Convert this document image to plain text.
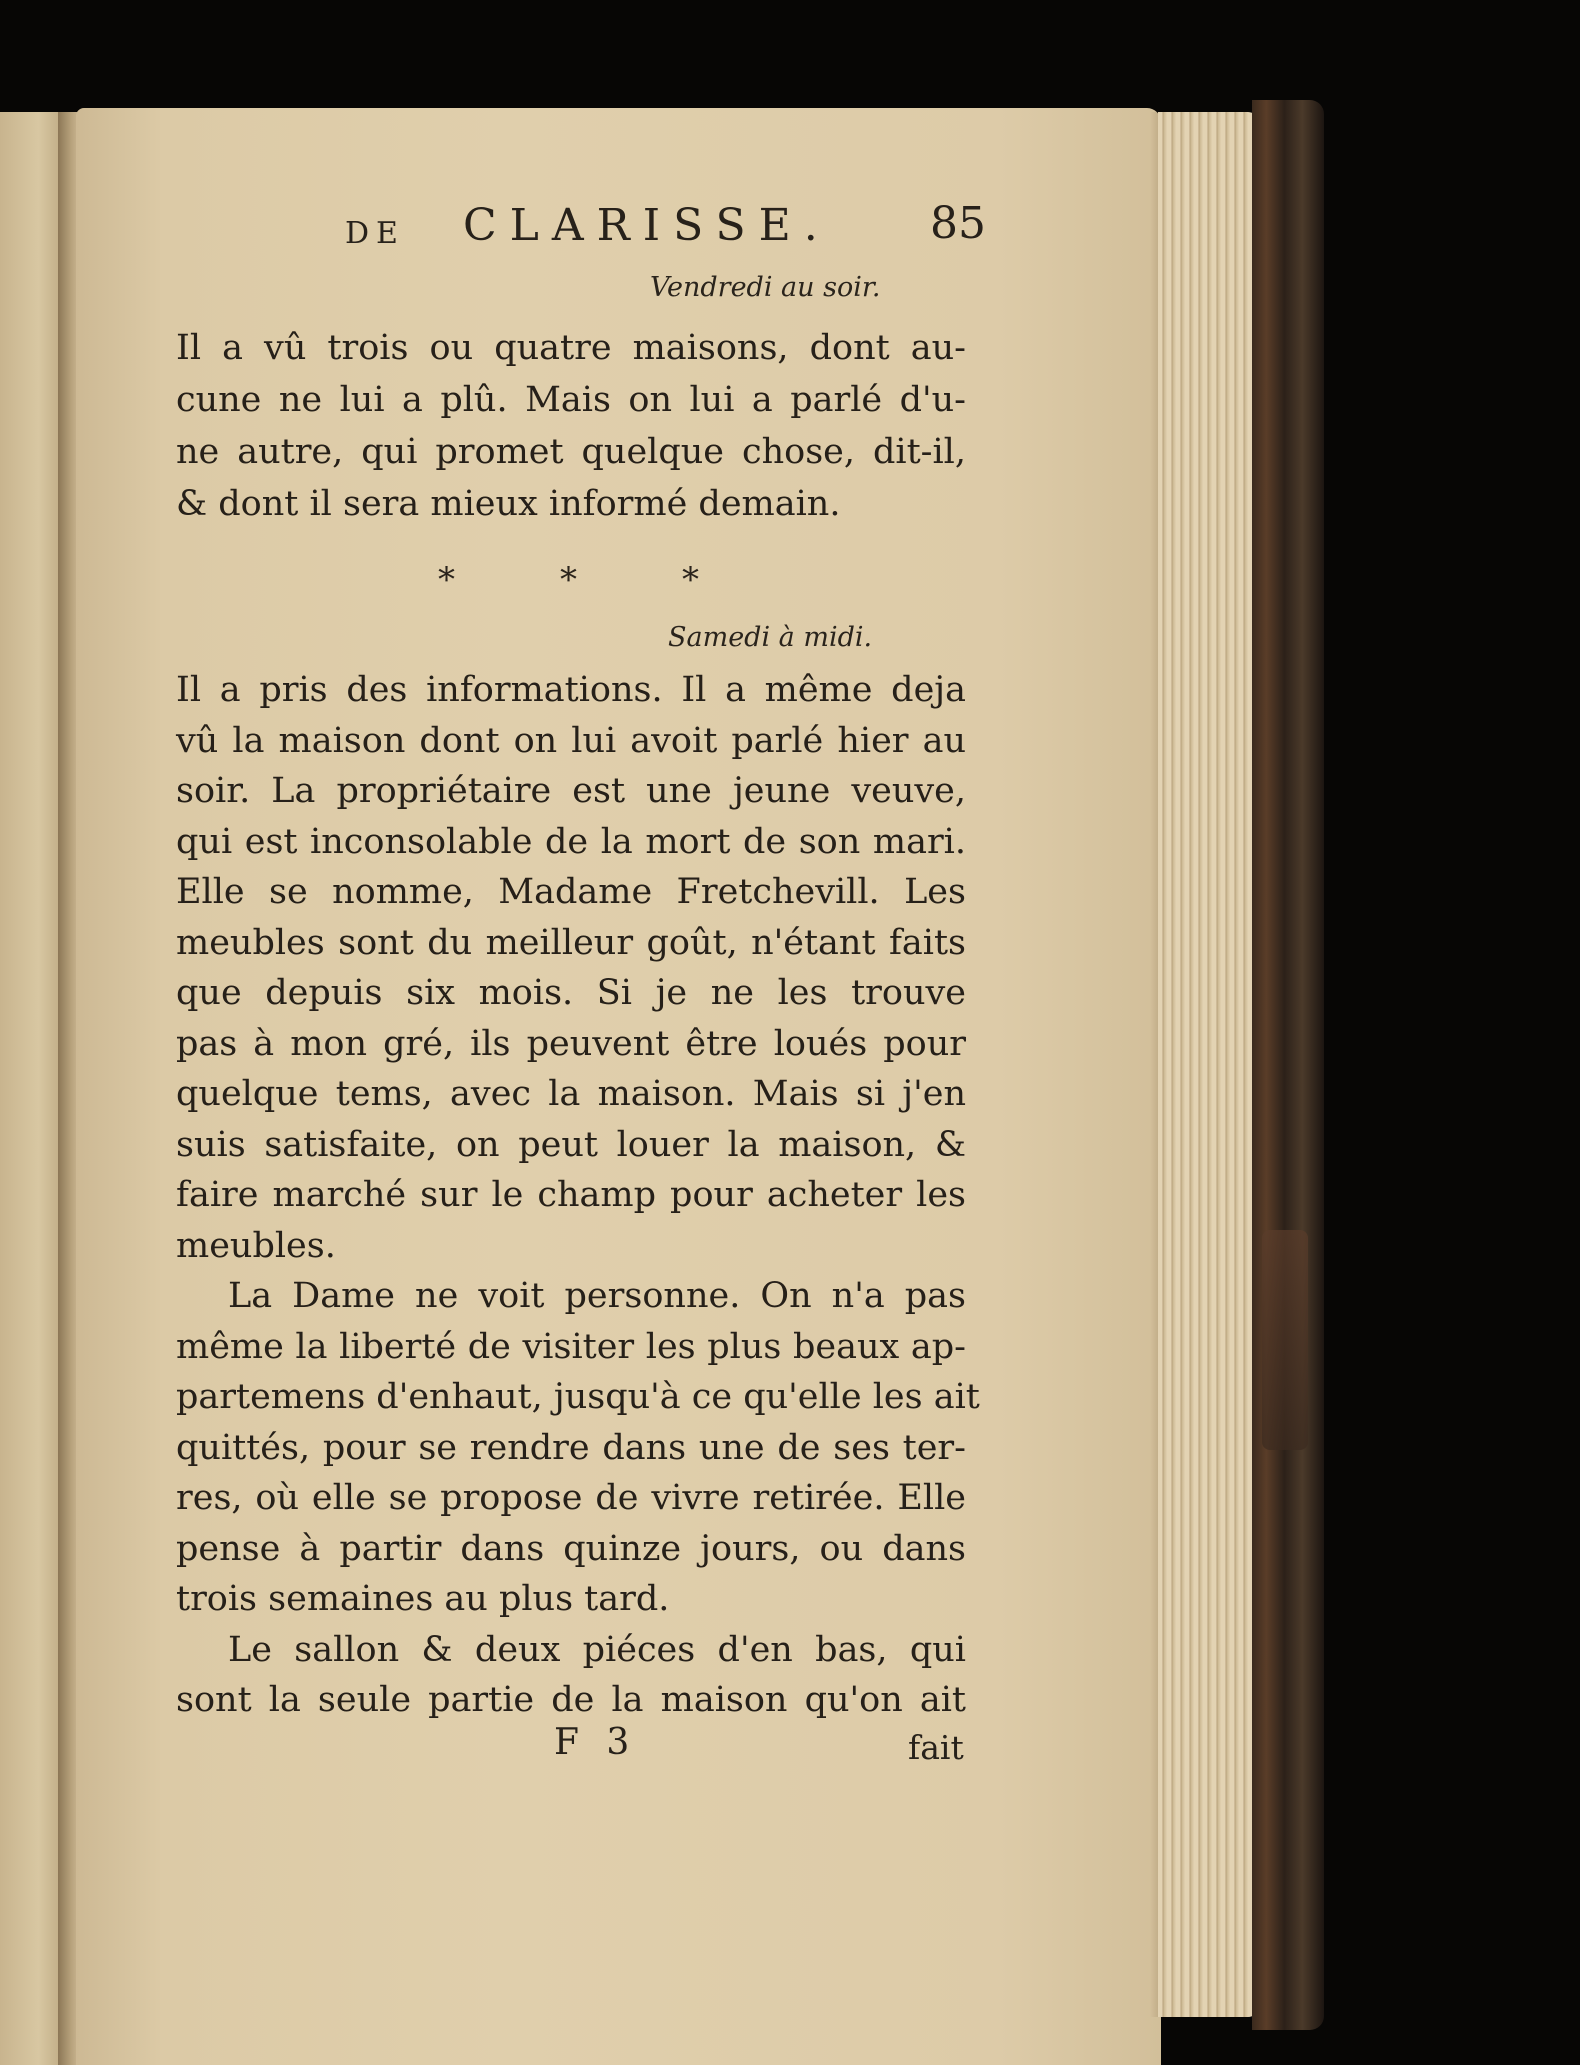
DE CLARISSE. 85
Vendredi au soir.
Il a vû trois ou quatre maisons, dont au-
cune ne lui a plû. Mais on lui a parlé d'u-
ne autre, qui promet quelque chose, dit-il,
& dont il sera mieux informé demain.
*	*	*
Samedi à midi.
Il a pris des informations. Il a même deja
vû la maison dont on lui avoit parlé hier au
soir. La propriétaire est une jeune veuve,
qui est inconsolable de la mort de son mari.
Elle se nomme, Madame Fretchevill. Les
meubles sont du meilleur goût, n'étant faits
que depuis six mois. Si je ne les trouve
pas à mon gré, ils peuvent être loués pour
quelque tems, avec la maison. Mais si j'en
suis satisfaite, on peut louer la maison, &
faire marché sur le champ pour acheter les
meubles.
La Dame ne voit personne. On n'a pas
même la liberté de visiter les plus beaux ap-
partemens d'enhaut, jusqu'à ce qu'elle les ait
quittés, pour se rendre dans une de ses ter-
res, où elle se propose de vivre retirée. Elle
pense à partir dans quinze jours, ou dans
trois semaines au plus tard.
Le sallon & deux piéces d'en bas, qui
sont la seule partie de la maison qu'on ait
F 3	fait
